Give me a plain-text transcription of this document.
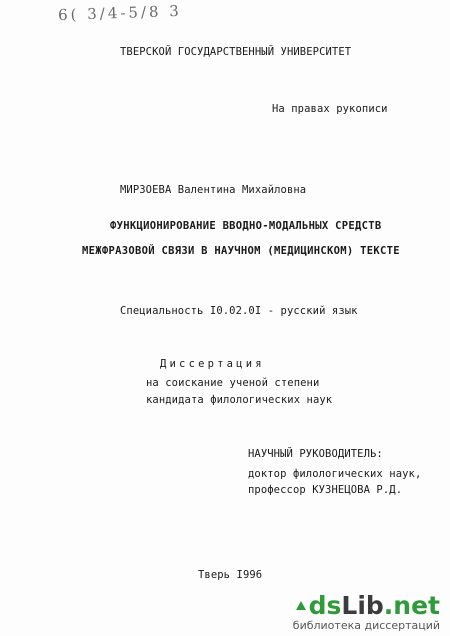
6( 3/4-5/8 3
ТВЕРСКОЙ ГОСУДАРСТВЕННЫЙ УНИВЕРСИТЕТ
На правах рукописи
МИРЗОЕВА Валентина Михайловна
ФУНКЦИОНИРОВАНИЕ ВВОДНО-МОДАЛЬНЫХ СРЕДСТВ
МЕЖФРАЗОВОЙ СВЯЗИ В НАУЧНОМ (МЕДИЦИНСКОМ) ТЕКСТЕ
Специальность I0.02.0I - русский язык
Диссертация
на соискание ученой степени
кандидата филологических наук
НАУЧНЫЙ РУКОВОДИТЕЛЬ:
доктор филологических наук,
профессор КУЗНЕЦОВА Р.Д.
Тверь I996
dsLib.net
библиотека диссертаций
